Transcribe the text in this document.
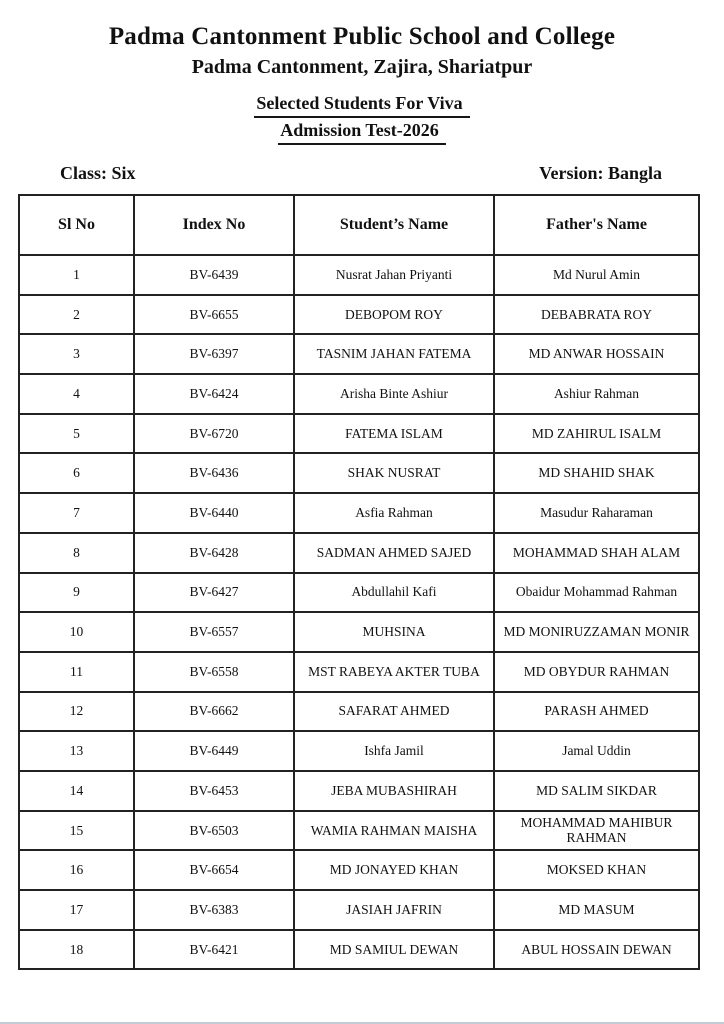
Padma Cantonment Public School and College
Padma Cantonment, Zajira, Shariatpur
Selected Students For Viva
Admission Test-2026
Class: Six	Version: Bangla
Sl No	Index No	Student’s Name	Father's Name
1	BV-6439	Nusrat Jahan Priyanti	Md Nurul Amin
2	BV-6655	DEBOPOM ROY	DEBABRATA ROY
3	BV-6397	TASNIM JAHAN FATEMA	MD ANWAR HOSSAIN
4	BV-6424	Arisha Binte Ashiur	Ashiur Rahman
5	BV-6720	FATEMA ISLAM	MD ZAHIRUL ISALM
6	BV-6436	SHAK NUSRAT	MD SHAHID SHAK
7	BV-6440	Asfia Rahman	Masudur Raharaman
8	BV-6428	SADMAN AHMED SAJED	MOHAMMAD SHAH ALAM
9	BV-6427	Abdullahil Kafi	Obaidur Mohammad Rahman
10	BV-6557	MUHSINA	MD MONIRUZZAMAN MONIR
11	BV-6558	MST RABEYA AKTER TUBA	MD OBYDUR RAHMAN
12	BV-6662	SAFARAT AHMED	PARASH AHMED
13	BV-6449	Ishfa Jamil	Jamal Uddin
14	BV-6453	JEBA MUBASHIRAH	MD SALIM SIKDAR
15	BV-6503	WAMIA RAHMAN MAISHA	MOHAMMAD MAHIBUR RAHMAN
16	BV-6654	MD JONAYED KHAN	MOKSED KHAN
17	BV-6383	JASIAH JAFRIN	MD MASUM
18	BV-6421	MD SAMIUL DEWAN	ABUL HOSSAIN DEWAN
